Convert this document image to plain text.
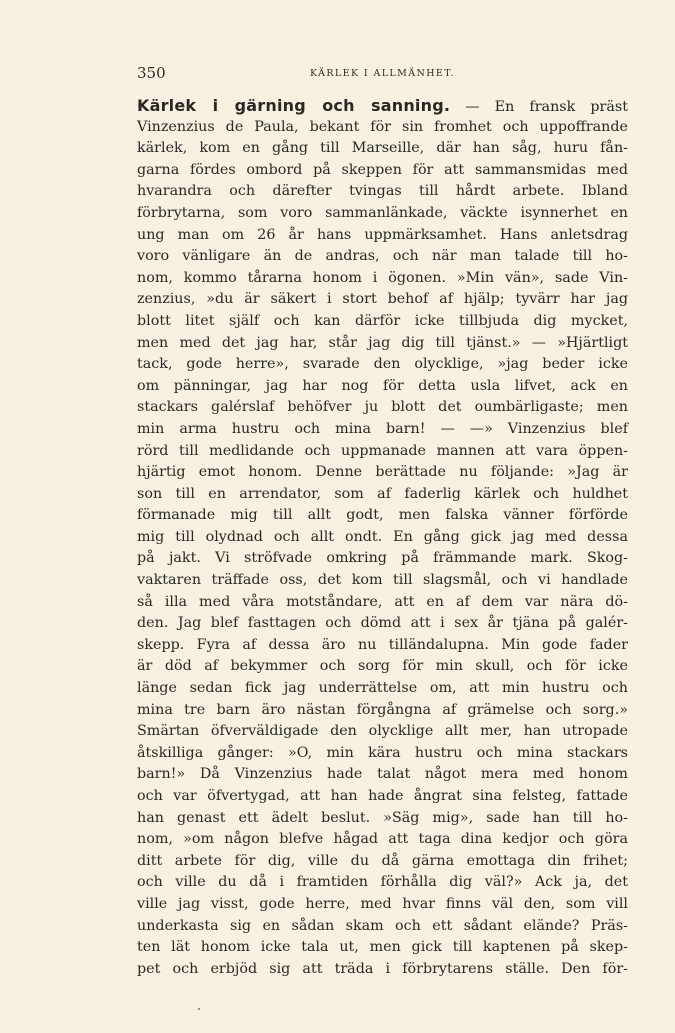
350	KÄRLEK I ALLMÄNHET.
Kärlek i gärning och sanning. — En fransk präst
Vinzenzius de Paula, bekant för sin fromhet och uppoffrande
kärlek, kom en gång till Marseille, där han såg, huru fån-
garna fördes ombord på skeppen för att sammansmidas med
hvarandra och därefter tvingas till hårdt arbete. Ibland
förbrytarna, som voro sammanlänkade, väckte isynnerhet en
ung man om 26 år hans uppmärksamhet. Hans anletsdrag
voro vänligare än de andras, och när man talade till ho-
nom, kommo tårarna honom i ögonen. »Min vän», sade Vin-
zenzius, »du är säkert i stort behof af hjälp; tyvärr har jag
blott litet själf och kan därför icke tillbjuda dig mycket,
men med det jag har, står jag dig till tjänst.» — »Hjärtligt
tack, gode herre», svarade den olycklige, »jag beder icke
om pänningar, jag har nog för detta usla lifvet, ack en
stackars galérslaf behöfver ju blott det oumbärligaste; men
min arma hustru och mina barn! — —» Vinzenzius blef
rörd till medlidande och uppmanade mannen att vara öppen-
hjärtig emot honom. Denne berättade nu följande: »Jag är
son till en arrendator, som af faderlig kärlek och huldhet
förmanade mig till allt godt, men falska vänner förförde
mig till olydnad och allt ondt. En gång gick jag med dessa
på jakt. Vi ströfvade omkring på främmande mark. Skog-
vaktaren träffade oss, det kom till slagsmål, och vi handlade
så illa med våra motståndare, att en af dem var nära dö-
den. Jag blef fasttagen och dömd att i sex år tjäna på galér-
skepp. Fyra af dessa äro nu tilländalupna. Min gode fader
är död af bekymmer och sorg för min skull, och för icke
länge sedan fick jag underrättelse om, att min hustru och
mina tre barn äro nästan förgångna af grämelse och sorg.»
Smärtan öfverväldigade den olycklige allt mer, han utropade
åtskilliga gånger: »O, min kära hustru och mina stackars
barn!» Då Vinzenzius hade talat något mera med honom
och var öfvertygad, att han hade ångrat sina felsteg, fattade
han genast ett ädelt beslut. »Säg mig», sade han till ho-
nom, »om någon blefve hågad att taga dina kedjor och göra
ditt arbete för dig, ville du då gärna emottaga din frihet;
och ville du då i framtiden förhålla dig väl?» Ack ja, det
ville jag visst, gode herre, med hvar finns väl den, som vill
underkasta sig en sådan skam och ett sådant elände? Präs-
ten lät honom icke tala ut, men gick till kaptenen på skep-
pet och erbjöd sig att träda i förbrytarens ställe. Den för-
